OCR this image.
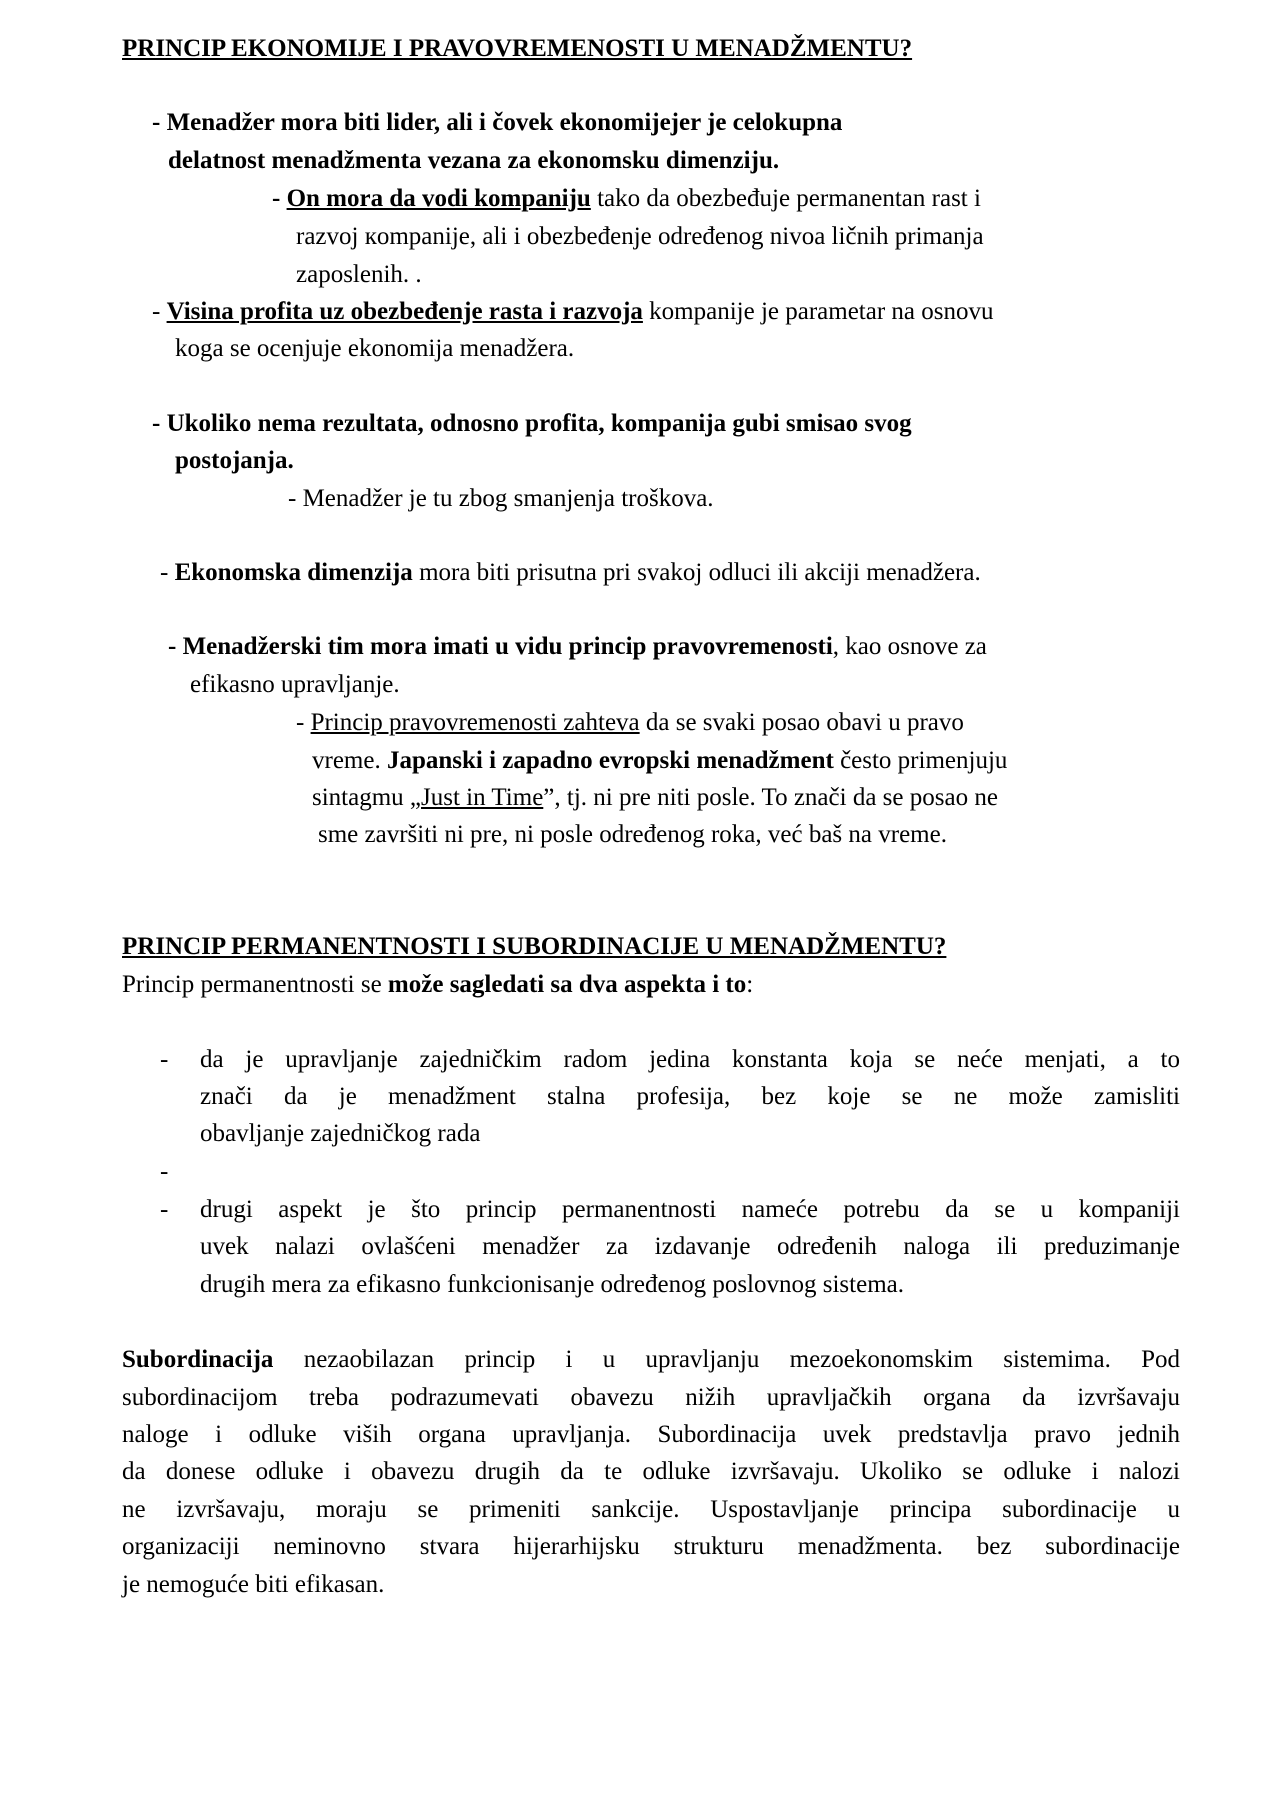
PRINCIP EKONOMIJE I PRAVOVREMENOSTI U MENADŽMENTU?
- Menadžer mora biti lider, ali i čovek ekonomijejer je celokupna
delatnost menadžmenta vezana za ekonomsku dimenziju.
- On mora da vodi kompaniju tako da obezbeđuje permanentan rast i
razvoj кompanije, ali i obezbeđenje određenog nivoa ličnih primanja
zaposlenih. .
- Visina profita uz obezbeđenje rasta i razvoja kompanije je parametar na osnovu
koga se ocenjuje ekonomija menadžera.
- Ukoliko nema rezultata, odnosno profita, kompanija gubi smisao svog
postojanja.
- Menadžer je tu zbog smanjenja troškova.
- Ekonomska dimenzija mora biti prisutna pri svakoj odluci ili akciji menadžera.
- Menadžerski tim mora imati u vidu princip pravovremenosti, kao osnove za
efikasno upravljanje.
- Princip pravovremenosti zahteva da se svaki posao obavi u pravo
vreme. Japanski i zapadno evropski menadžment često primenjuju
sintagmu „Just in Time”, tj. ni pre niti posle. To znači da se posao ne
sme završiti ni pre, ni posle određenog roka, već baš na vreme.
PRINCIP PERMANENTNOSTI I SUBORDINACIJE U MENADŽMENTU?
Princip permanentnosti se može sagledati sa dva aspekta i to:
- da je upravljanje zajedničkim radom jedina konstanta koja se neće menjati, a to
znači da je menadžment stalna profesija, bez koje se ne može zamisliti
obavljanje zajedničkog rada
-
- drugi aspekt je što princip permanentnosti nameće potrebu da se u kompaniji
uvek nalazi ovlašćeni menadžer za izdavanje određenih naloga ili preduzimanje
drugih mera za efikasno funkcionisanje određenog poslovnog sistema.
Subordinacija nezaobilazan princip i u upravljanju mezoekonomskim sistemima. Pod
subordinacijom treba podrazumevati obavezu nižih upravljačkih organa da izvršavaju
naloge i odluke viših organa upravljanja. Subordinacija uvek predstavlja pravo jednih
da donese odluke i obavezu drugih da te odluke izvršavaju. Ukoliko se odluke i nalozi
ne izvršavaju, moraju se primeniti sankcije. Uspostavljanje principa subordinacije u
organizaciji neminovno stvara hijerarhijsku strukturu menadžmenta. bez subordinacije
je nemoguće biti efikasan.
